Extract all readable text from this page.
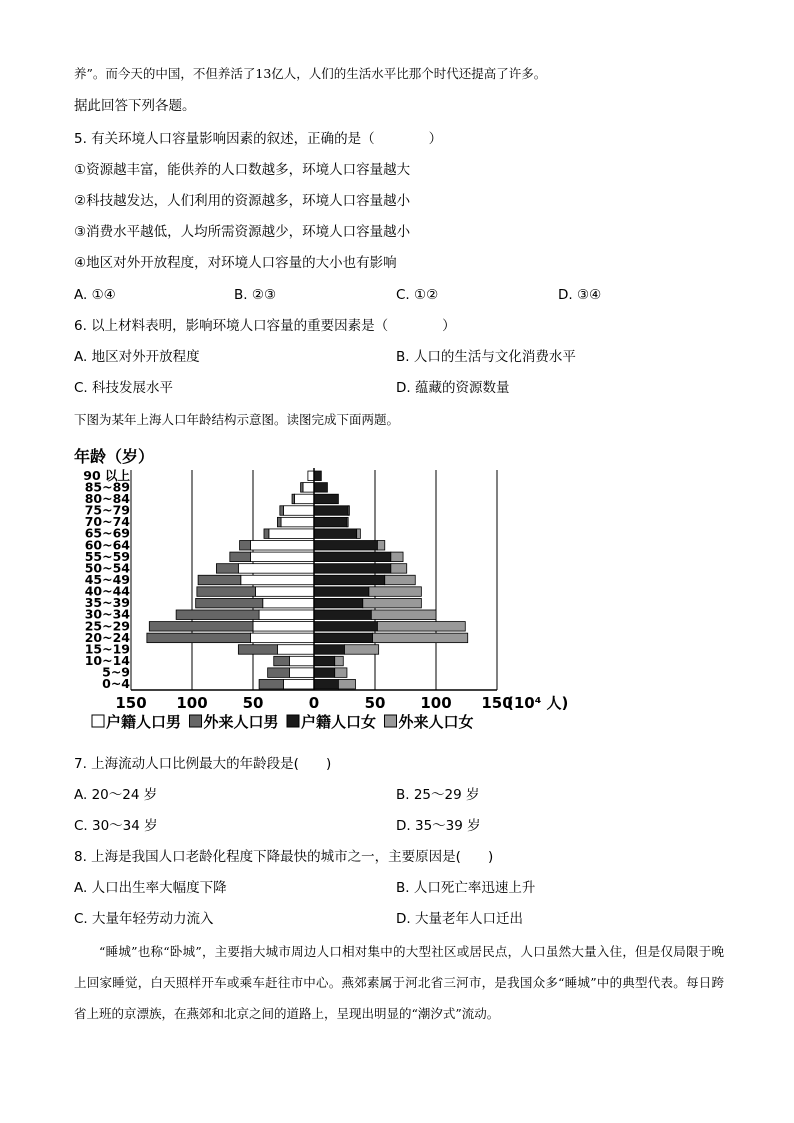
养”。而今天的中国，不但养活了13亿人，人们的生活水平比那个时代还提高了许多。
据此回答下列各题。
5. 有关环境人口容量影响因素的叙述，正确的是（　　　　）
①资源越丰富，能供养的人口数越多，环境人口容量越大
②科技越发达，人们利用的资源越多，环境人口容量越小
③消费水平越低，人均所需资源越少，环境人口容量越小
④地区对外开放程度，对环境人口容量的大小也有影响
A. ①④	B. ②③	C. ①②	D. ③④
6. 以上材料表明，影响环境人口容量的重要因素是（　　　　）
A. 地区对外开放程度	B. 人口的生活与文化消费水平
C. 科技发展水平	D. 蕴藏的资源数量
下图为某年上海人口年龄结构示意图。读图完成下面两题。
0~4
5~9
10~14
15~19
20~24
25~29
30~34
35~39
40~44
45~49
50~54
55~59
60~64
65~69
70~74
75~79
80~84
85~89
90 以上
150 100 50	0	50 100 150
年龄（岁）
(10⁴ 人)
户籍人口男 外来人口男 户籍人口女 外来人口女
7. 上海流动人口比例最大的年龄段是(　　)
A. 20～24 岁	B. 25～29 岁
C. 30～34 岁	D. 35～39 岁
8. 上海是我国人口老龄化程度下降最快的城市之一，主要原因是(　　)
A. 人口出生率大幅度下降	B. 人口死亡率迅速上升
C. 大量年轻劳动力流入	D. 大量老年人口迁出
“睡城”也称“卧城”，主要指大城市周边人口相对集中的大型社区或居民点，人口虽然大量入住，但是仅局限于晚上回家睡觉，白天照样开车或乘车赶往市中心。燕郊素属于河北省三河市，是我国众多“睡城”中的典型代表。每日跨省上班的京漂族，在燕郊和北京之间的道路上，呈现出明显的“潮汐式”流动。
